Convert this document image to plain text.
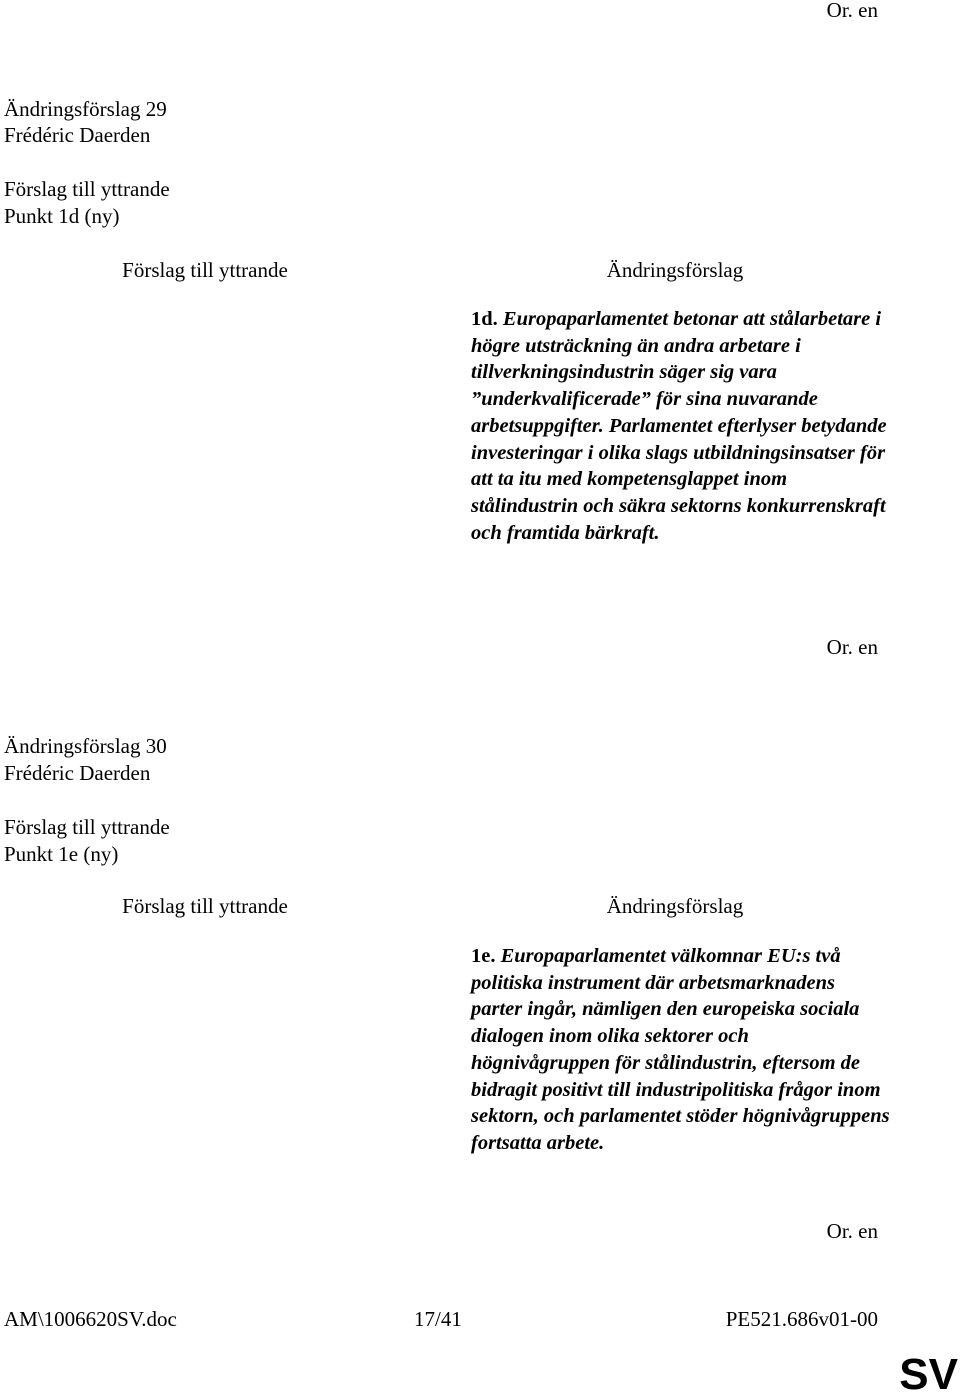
Or. en
Ändringsförslag 29
Frédéric Daerden
Förslag till yttrande
Punkt 1d (ny)
Förslag till yttrande	Ändringsförslag
1d. Europaparlamentet betonar att stålarbetare i högre utsträckning än andra arbetare i tillverkningsindustrin säger sig vara ”underkvalificerade” för sina nuvarande arbetsuppgifter. Parlamentet efterlyser betydande investeringar i olika slags utbildningsinsatser för att ta itu med kompetensglappet inom stålindustrin och säkra sektorns konkurrenskraft och framtida bärkraft.
Or. en
Ändringsförslag 30
Frédéric Daerden
Förslag till yttrande
Punkt 1e (ny)
Förslag till yttrande	Ändringsförslag
1e. Europaparlamentet välkomnar EU:s två politiska instrument där arbetsmarknadens parter ingår, nämligen den europeiska sociala dialogen inom olika sektorer och högnivågruppen för stålindustrin, eftersom de bidragit positivt till industripolitiska frågor inom sektorn, och parlamentet stöder högnivågruppens fortsatta arbete.
Or. en
AM\1006620SV.doc	17/41	PE521.686v01-00
SV
